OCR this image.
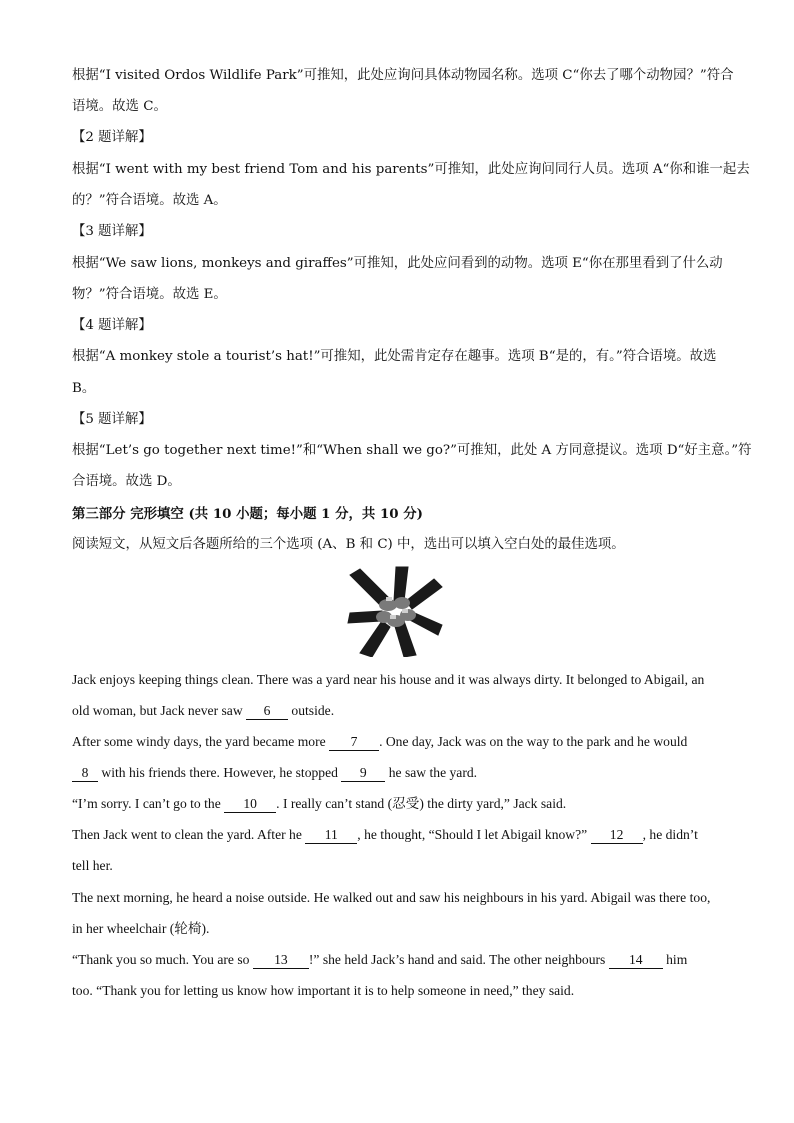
根据“I visited Ordos Wildlife Park”可推知，此处应询问具体动物园名称。选项 C“你去了哪个动物园？”符合
语境。故选 C。
【2 题详解】
根据“I went with my best friend Tom and his parents”可推知，此处应询问同行人员。选项 A“你和谁一起去
的？”符合语境。故选 A。
【3 题详解】
根据“We saw lions, monkeys and giraffes”可推知，此处应问看到的动物。选项 E“你在那里看到了什么动
物？”符合语境。故选 E。
【4 题详解】
根据“A monkey stole a tourist’s hat!”可推知，此处需肯定存在趣事。选项 B“是的，有。”符合语境。故选
B。
【5 题详解】
根据“Let’s go together next time!”和“When shall we go?”可推知，此处 A 方同意提议。选项 D“好主意。”符
合语境。故选 D。
第三部分 完形填空 (共 10 小题；每小题 1 分，共 10 分)
阅读短文，从短文后各题所给的三个选项 (A、B 和 C) 中，选出可以填入空白处的最佳选项。
Jack enjoys keeping things clean. There was a yard near his house and it was always dirty. It belonged to Abigail, an
old woman, but Jack never saw 6 outside.
After some windy days, the yard became more 7 . One day, Jack was on the way to the park and he would
8 with his friends there. However, he stopped 9 he saw the yard.
“I’m sorry. I can’t go to the 10 . I really can’t stand (忍受) the dirty yard,” Jack said.
Then Jack went to clean the yard. After he 11 , he thought, “Should I let Abigail know?” 12 , he didn’t
tell her.
The next morning, he heard a noise outside. He walked out and saw his neighbours in his yard. Abigail was there too,
in her wheelchair (轮椅).
“Thank you so much. You are so 13 !” she held Jack’s hand and said. The other neighbours 14 him
too. “Thank you for letting us know how important it is to help someone in need,” they said.
